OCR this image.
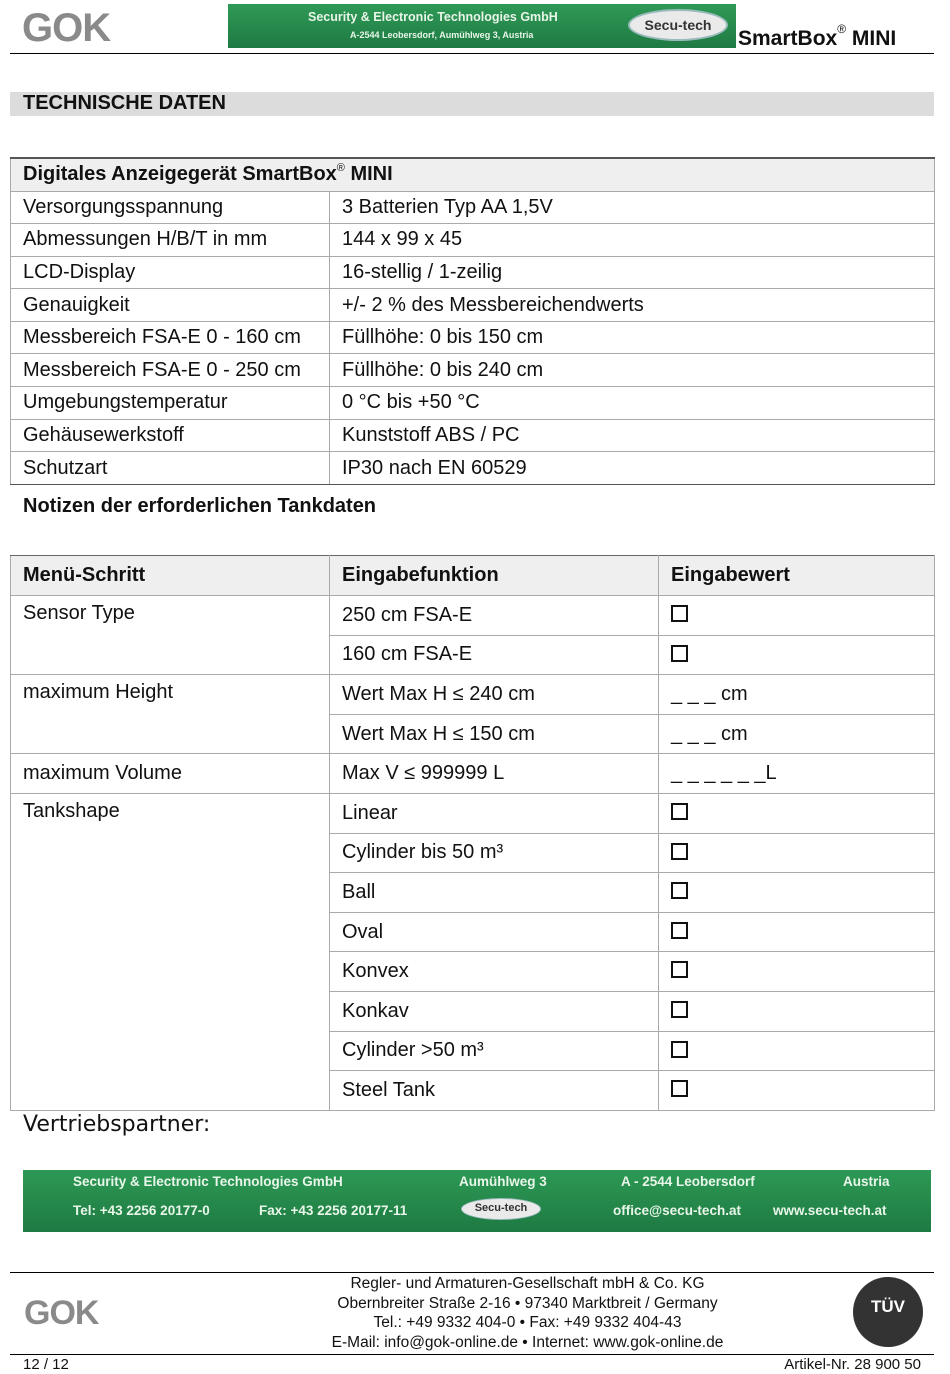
GOK	Security & Electronic Technologies GmbH
A-2544 Leobersdorf, Aumühlweg 3, Austria
Secu-tech
SmartBox® MINI
TECHNISCHE DATEN
Digitales Anzeigegerät SmartBox® MINI	
Versorgungsspannung	3 Batterien Typ AA 1,5V
Abmessungen H/B/T in mm	144 x 99 x 45
LCD-Display	16-stellig / 1-zeilig
Genauigkeit	+/- 2 % des Messbereichendwerts
Messbereich FSA-E 0 - 160 cm	Füllhöhe: 0 bis 150 cm
Messbereich FSA-E 0 - 250 cm	Füllhöhe: 0 bis 240 cm
Umgebungstemperatur	0 °C bis +50 °C
Gehäusewerkstoff	Kunststoff ABS / PC
Schutzart	IP30 nach EN 60529
Notizen der erforderlichen Tankdaten
Menü-Schritt	Eingabefunktion	Eingabewert
Sensor Type	250 cm FSA-E	
	160 cm FSA-E	
maximum Height	Wert Max H ≤ 240 cm	_ _ _ cm
	Wert Max H ≤ 150 cm	_ _ _ cm
maximum Volume	Max V ≤ 999999 L	_ _ _ _ _ _L
Tankshape	Linear	
	Cylinder bis 50 m³	
	Ball	
	Oval	
	Konvex	
	Konkav	
	Cylinder >50 m³	
	Steel Tank	
Vertriebspartner:
Security & Electronic Technologies GmbH	Aumühlweg 3	A - 2544 Leobersdorf	Austria
Tel: +43 2256 20177-0	Fax: +43 2256 20177-11	Secu-tech	office@secu-tech.at www.secu-tech.at
GOK
Regler- und Armaturen-Gesellschaft mbH & Co. KG
Obernbreiter Straße 2-16 • 97340 Marktbreit / Germany
Tel.: +49 9332 404-0 • Fax: +49 9332 404-43
E-Mail: info@gok-online.de • Internet: www.gok-online.de
TÜV
12 / 12	Artikel-Nr. 28 900 50
